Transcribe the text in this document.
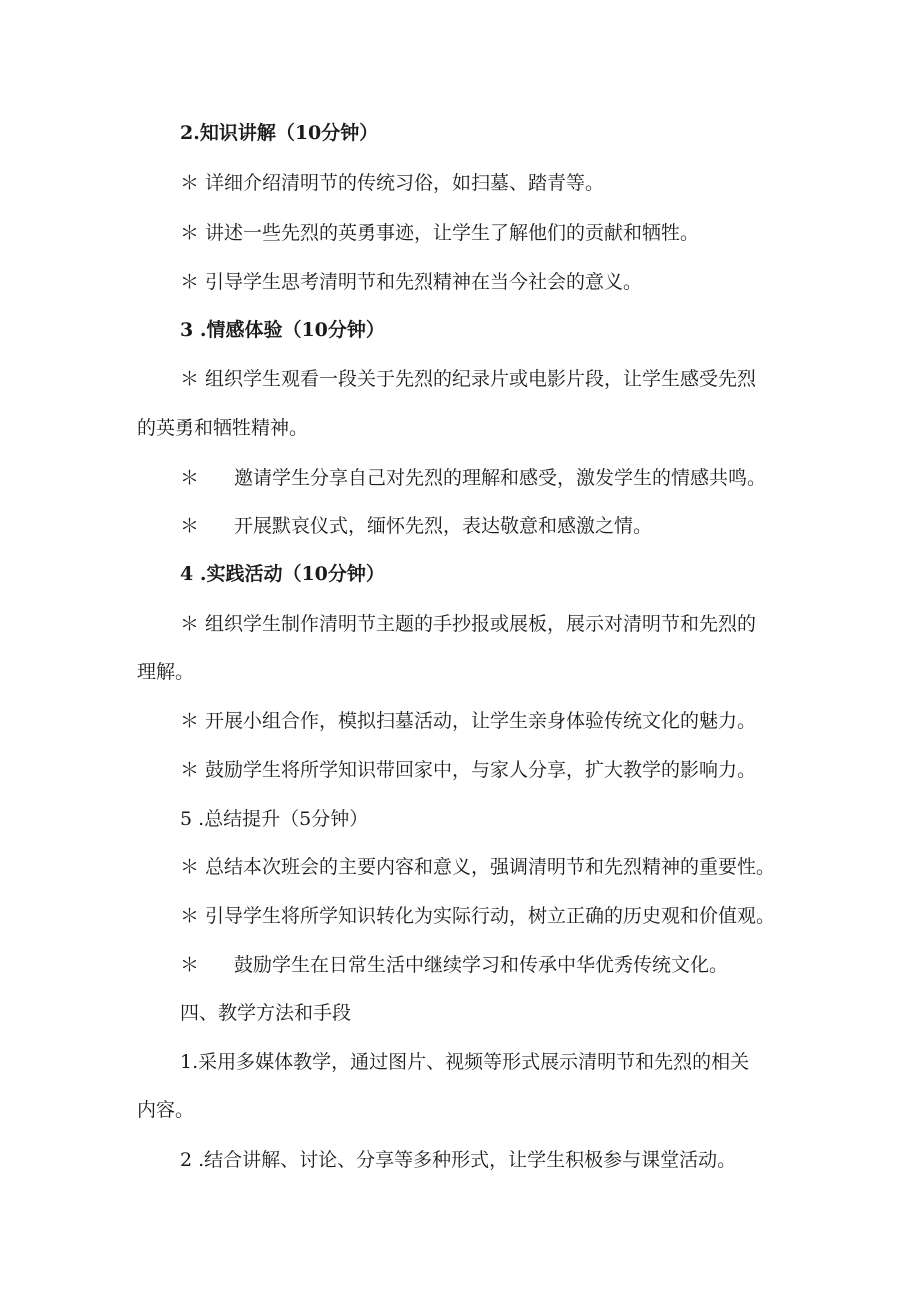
2.知识讲解（10分钟）
＊ 详细介绍清明节的传统习俗，如扫墓、踏青等。
＊ 讲述一些先烈的英勇事迹，让学生了解他们的贡献和牺牲。
＊ 引导学生思考清明节和先烈精神在当今社会的意义。
3 .情感体验（10分钟）
＊ 组织学生观看一段关于先烈的纪录片或电影片段，让学生感受先烈
的英勇和牺牲精神。
＊ 邀请学生分享自己对先烈的理解和感受，激发学生的情感共鸣。
＊ 开展默哀仪式，缅怀先烈，表达敬意和感激之情。
4 .实践活动（10分钟）
＊ 组织学生制作清明节主题的手抄报或展板，展示对清明节和先烈的
理解。
＊ 开展小组合作，模拟扫墓活动，让学生亲身体验传统文化的魅力。
＊ 鼓励学生将所学知识带回家中，与家人分享，扩大教学的影响力。
5 .总结提升（5分钟）
＊ 总结本次班会的主要内容和意义，强调清明节和先烈精神的重要性。
＊ 引导学生将所学知识转化为实际行动，树立正确的历史观和价值观。
＊ 鼓励学生在日常生活中继续学习和传承中华优秀传统文化。
四、教学方法和手段
1.采用多媒体教学，通过图片、视频等形式展示清明节和先烈的相关
内容。
2 .结合讲解、讨论、分享等多种形式，让学生积极参与课堂活动。
